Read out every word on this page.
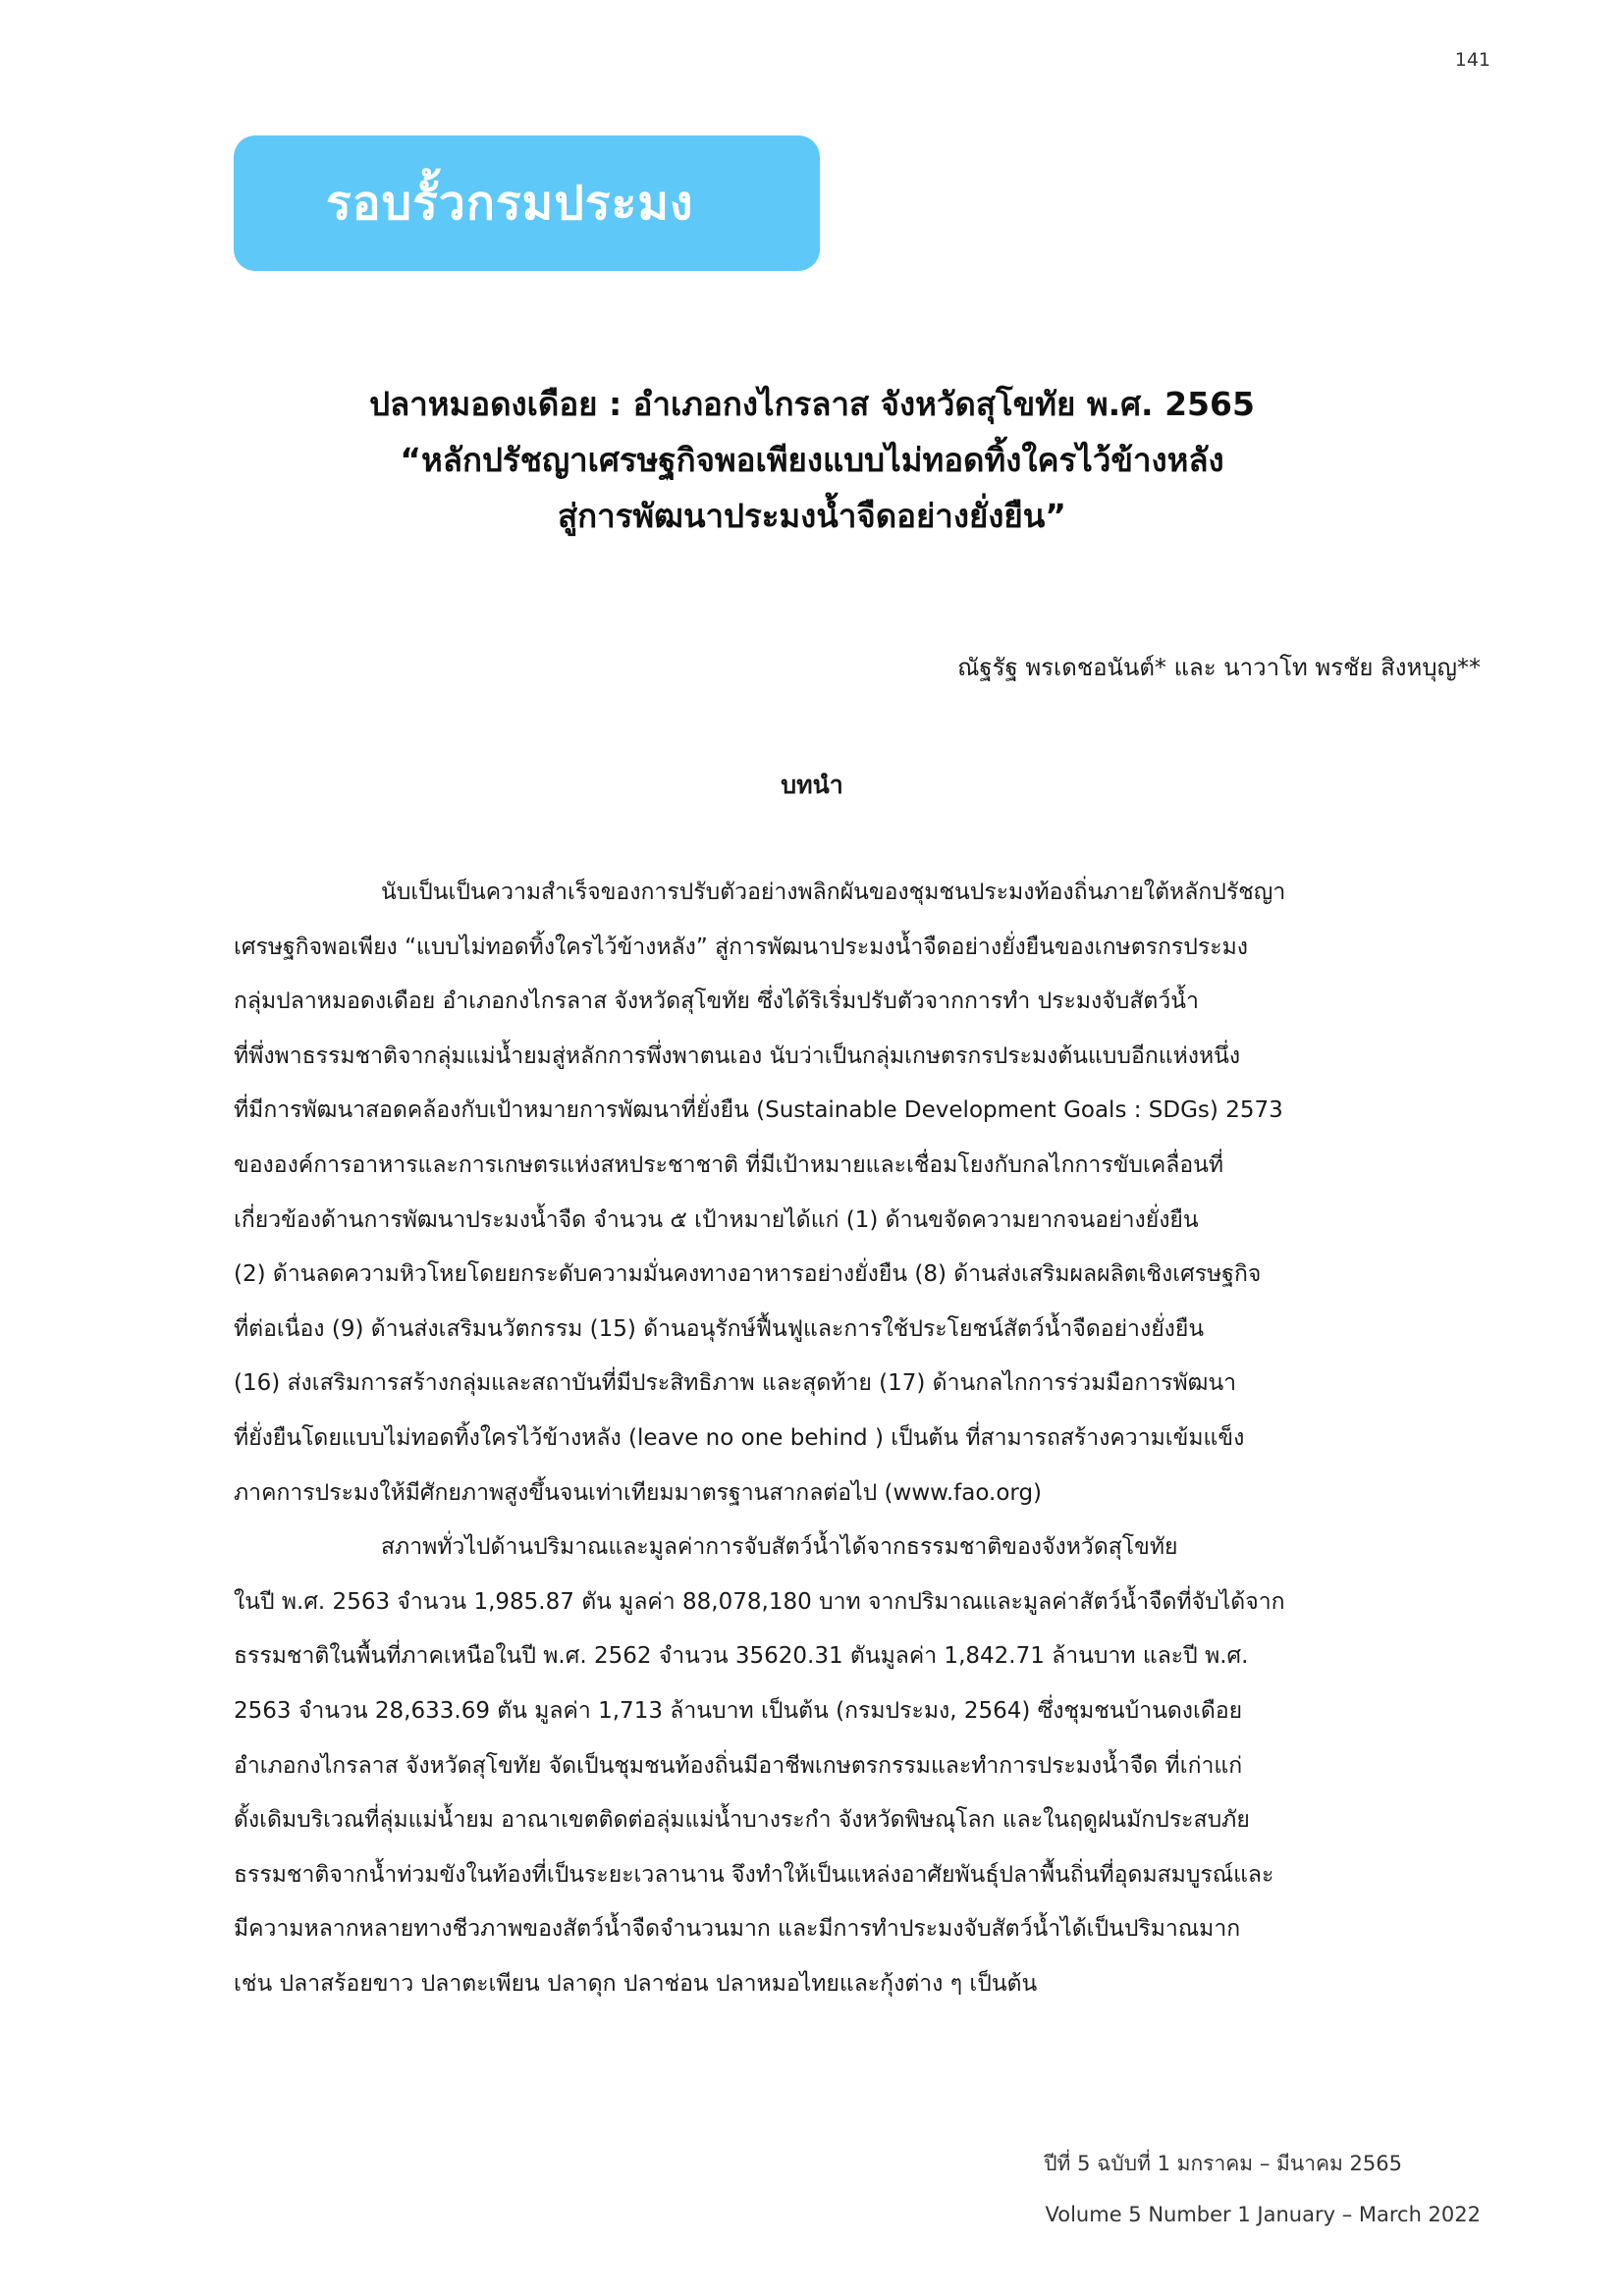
141
รอบรั้วกรมประมง
ปลาหมอดงเดือย : อำเภอกงไกรลาส จังหวัดสุโขทัย พ.ศ. 2565
“หลักปรัชญาเศรษฐกิจพอเพียงแบบไม่ทอดทิ้งใครไว้ข้างหลัง
สู่การพัฒนาประมงน้ำจืดอย่างยั่งยืน”
ณัฐรัฐ พรเดชอนันต์* และ นาวาโท พรชัย สิงหบุญ**
บทนำ

นับเป็นเป็นความสำเร็จของการปรับตัวอย่างพลิกผันของชุมชนประมงท้องถิ่นภายใต้หลักปรัชญา
เศรษฐกิจพอเพียง “แบบไม่ทอดทิ้งใครไว้ข้างหลัง” สู่การพัฒนาประมงน้ำจืดอย่างยั่งยืนของเกษตรกรประมง
กลุ่มปลาหมอดงเดือย อำเภอกงไกรลาส จังหวัดสุโขทัย ซึ่งได้ริเริ่มปรับตัวจากการทำ ประมงจับสัตว์น้ำ
ที่พึ่งพาธรรมชาติจากลุ่มแม่น้ำยมสู่หลักการพึ่งพาตนเอง นับว่าเป็นกลุ่มเกษตรกรประมงต้นแบบอีกแห่งหนึ่ง
ที่มีการพัฒนาสอดคล้องกับเป้าหมายการพัฒนาที่ยั่งยืน (Sustainable Development Goals : SDGs) 2573
ขององค์การอาหารและการเกษตรแห่งสหประชาชาติ ที่มีเป้าหมายและเชื่อมโยงกับกลไกการขับเคลื่อนที่
เกี่ยวข้องด้านการพัฒนาประมงน้ำจืด จำนวน ๕ เป้าหมายได้แก่ (1) ด้านขจัดความยากจนอย่างยั่งยืน
(2) ด้านลดความหิวโหยโดยยกระดับความมั่นคงทางอาหารอย่างยั่งยืน (8) ด้านส่งเสริมผลผลิตเชิงเศรษฐกิจ
ที่ต่อเนื่อง (9) ด้านส่งเสริมนวัตกรรม (15) ด้านอนุรักษ์ฟื้นฟูและการใช้ประโยชน์สัตว์น้ำจืดอย่างยั่งยืน
(16) ส่งเสริมการสร้างกลุ่มและสถาบันที่มีประสิทธิภาพ และสุดท้าย (17) ด้านกลไกการร่วมมือการพัฒนา
ที่ยั่งยืนโดยแบบไม่ทอดทิ้งใครไว้ข้างหลัง (leave no one behind ) เป็นต้น ที่สามารถสร้างความเข้มแข็ง
ภาคการประมงให้มีศักยภาพสูงขึ้นจนเท่าเทียมมาตรฐานสากลต่อไป (www.fao.org)

สภาพทั่วไปด้านปริมาณและมูลค่าการจับสัตว์น้ำได้จากธรรมชาติของจังหวัดสุโขทัย
ในปี พ.ศ. 2563 จำนวน 1,985.87 ตัน มูลค่า 88,078,180 บาท จากปริมาณและมูลค่าสัตว์น้ำจืดที่จับได้จาก
ธรรมชาติในพื้นที่ภาคเหนือในปี พ.ศ. 2562 จำนวน 35620.31 ตันมูลค่า 1,842.71 ล้านบาท และปี พ.ศ.
2563 จำนวน 28,633.69 ตัน มูลค่า 1,713 ล้านบาท เป็นต้น (กรมประมง, 2564) ซึ่งชุมชนบ้านดงเดือย
อำเภอกงไกรลาส จังหวัดสุโขทัย จัดเป็นชุมชนท้องถิ่นมีอาชีพเกษตรกรรมและทำการประมงน้ำจืด ที่เก่าแก่
ดั้งเดิมบริเวณที่ลุ่มแม่น้ำยม อาณาเขตติดต่อลุ่มแม่น้ำบางระกำ จังหวัดพิษณุโลก และในฤดูฝนมักประสบภัย
ธรรมชาติจากน้ำท่วมขังในท้องที่เป็นระยะเวลานาน จึงทำให้เป็นแหล่งอาศัยพันธุ์ปลาพื้นถิ่นที่อุดมสมบูรณ์และ
มีความหลากหลายทางชีวภาพของสัตว์น้ำจืดจำนวนมาก และมีการทำประมงจับสัตว์น้ำได้เป็นปริมาณมาก
เช่น ปลาสร้อยขาว ปลาตะเพียน ปลาดุก ปลาช่อน ปลาหมอไทยและกุ้งต่าง ๆ เป็นต้น

ปีที่ 5 ฉบับที่ 1 มกราคม – มีนาคม 2565
Volume 5 Number 1 January – March 2022
